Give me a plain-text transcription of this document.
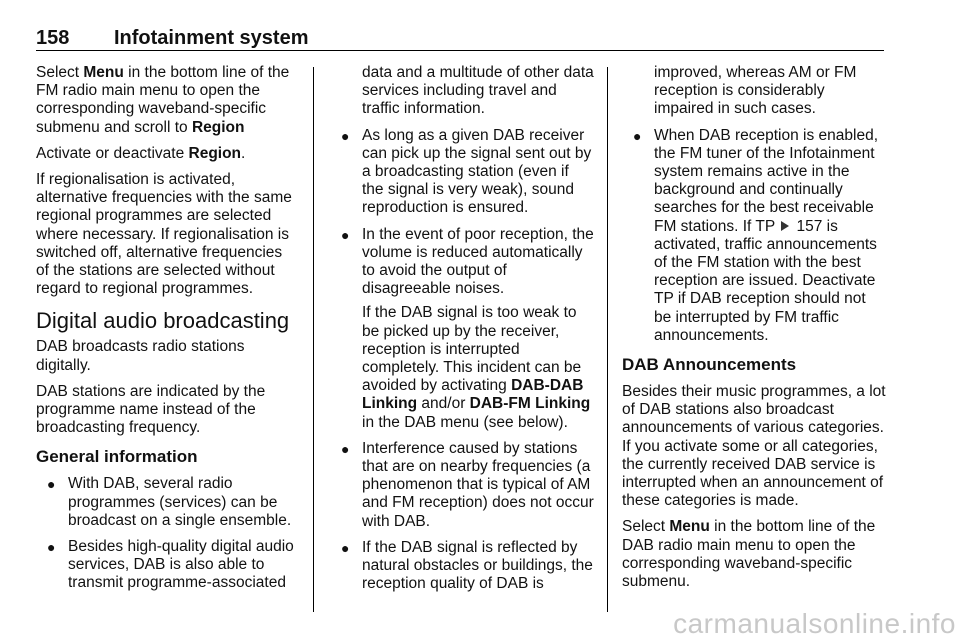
158 Infotainment system

Select Menu in the bottom line of the FM radio main menu to open the corresponding waveband-specific submenu and scroll to Region

Activate or deactivate Region.

If regionalisation is activated, alternative frequencies with the same regional programmes are selected where necessary. If regionalisation is switched off, alternative frequencies of the stations are selected without regard to regional programmes.

Digital audio broadcasting

DAB broadcasts radio stations digitally.

DAB stations are indicated by the programme name instead of the broadcasting frequency.

General information
● With DAB, several radio programmes (services) can be broadcast on a single ensemble.
● Besides high-quality digital audio services, DAB is also able to transmit programme-associated

data and a multitude of other data services including travel and traffic information.

● As long as a given DAB receiver can pick up the signal sent out by a broadcasting station (even if the signal is very weak), sound reproduction is ensured.
● In the event of poor reception, the volume is reduced automatically to avoid the output of disagreeable noises.
If the DAB signal is too weak to be picked up by the receiver, reception is interrupted completely. This incident can be avoided by activating DAB-DAB Linking and/or DAB-FM Linking in the DAB menu (see below).
● Interference caused by stations that are on nearby frequencies (a phenomenon that is typical of AM and FM reception) does not occur with DAB.
● If the DAB signal is reflected by natural obstacles or buildings, the reception quality of DAB is

improved, whereas AM or FM reception is considerably impaired in such cases.

● When DAB reception is enabled, the FM tuner of the Infotainment system remains active in the background and continually searches for the best receivable FM stations. If TP  157 is activated, traffic announcements of the FM station with the best reception are issued. Deactivate TP if DAB reception should not be interrupted by FM traffic announcements.
DAB Announcements

Besides their music programmes, a lot of DAB stations also broadcast announcements of various categories. If you activate some or all categories, the currently received DAB service is interrupted when an announcement of these categories is made.

Select Menu in the bottom line of the DAB radio main menu to open the corresponding waveband-specific submenu.

carmanualsonline.info
